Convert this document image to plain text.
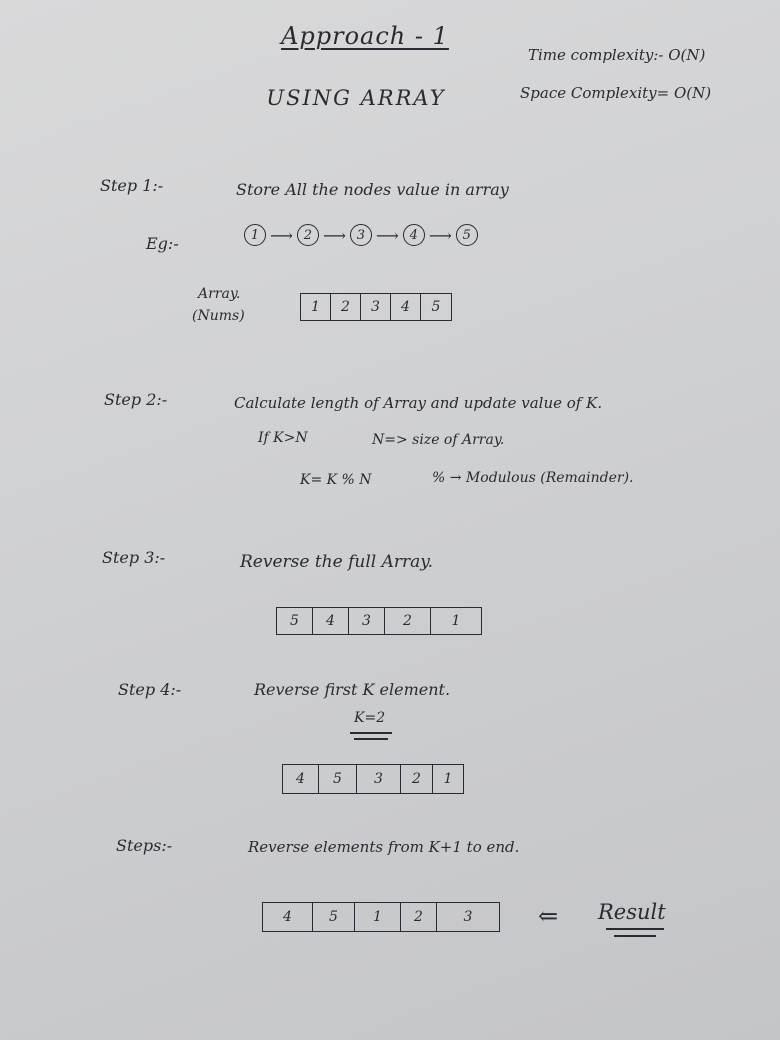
Approach - 1
USING ARRAY
Time complexity:- O(N)
Space Complexity= O(N)
Step 1:-	Store All the nodes value in array
Eg:-	1 ⟶ 2 ⟶ 3 ⟶ 4 ⟶ 5
Array.
(Nums)
1	2	3	4	5
Step 2:-	Calculate length of Array and update value of K.
If K>N	N=> size of Array.
K= K % N	% → Modulous (Remainder).
Step 3:-	Reverse the full Array.
5	4	3	2	1
Step 4:-	Reverse first K element.
K=2
4	5	3	2	1
Steps:-	Reverse elements from K+1 to end.
4	5	1	2	3	⇐ Result
